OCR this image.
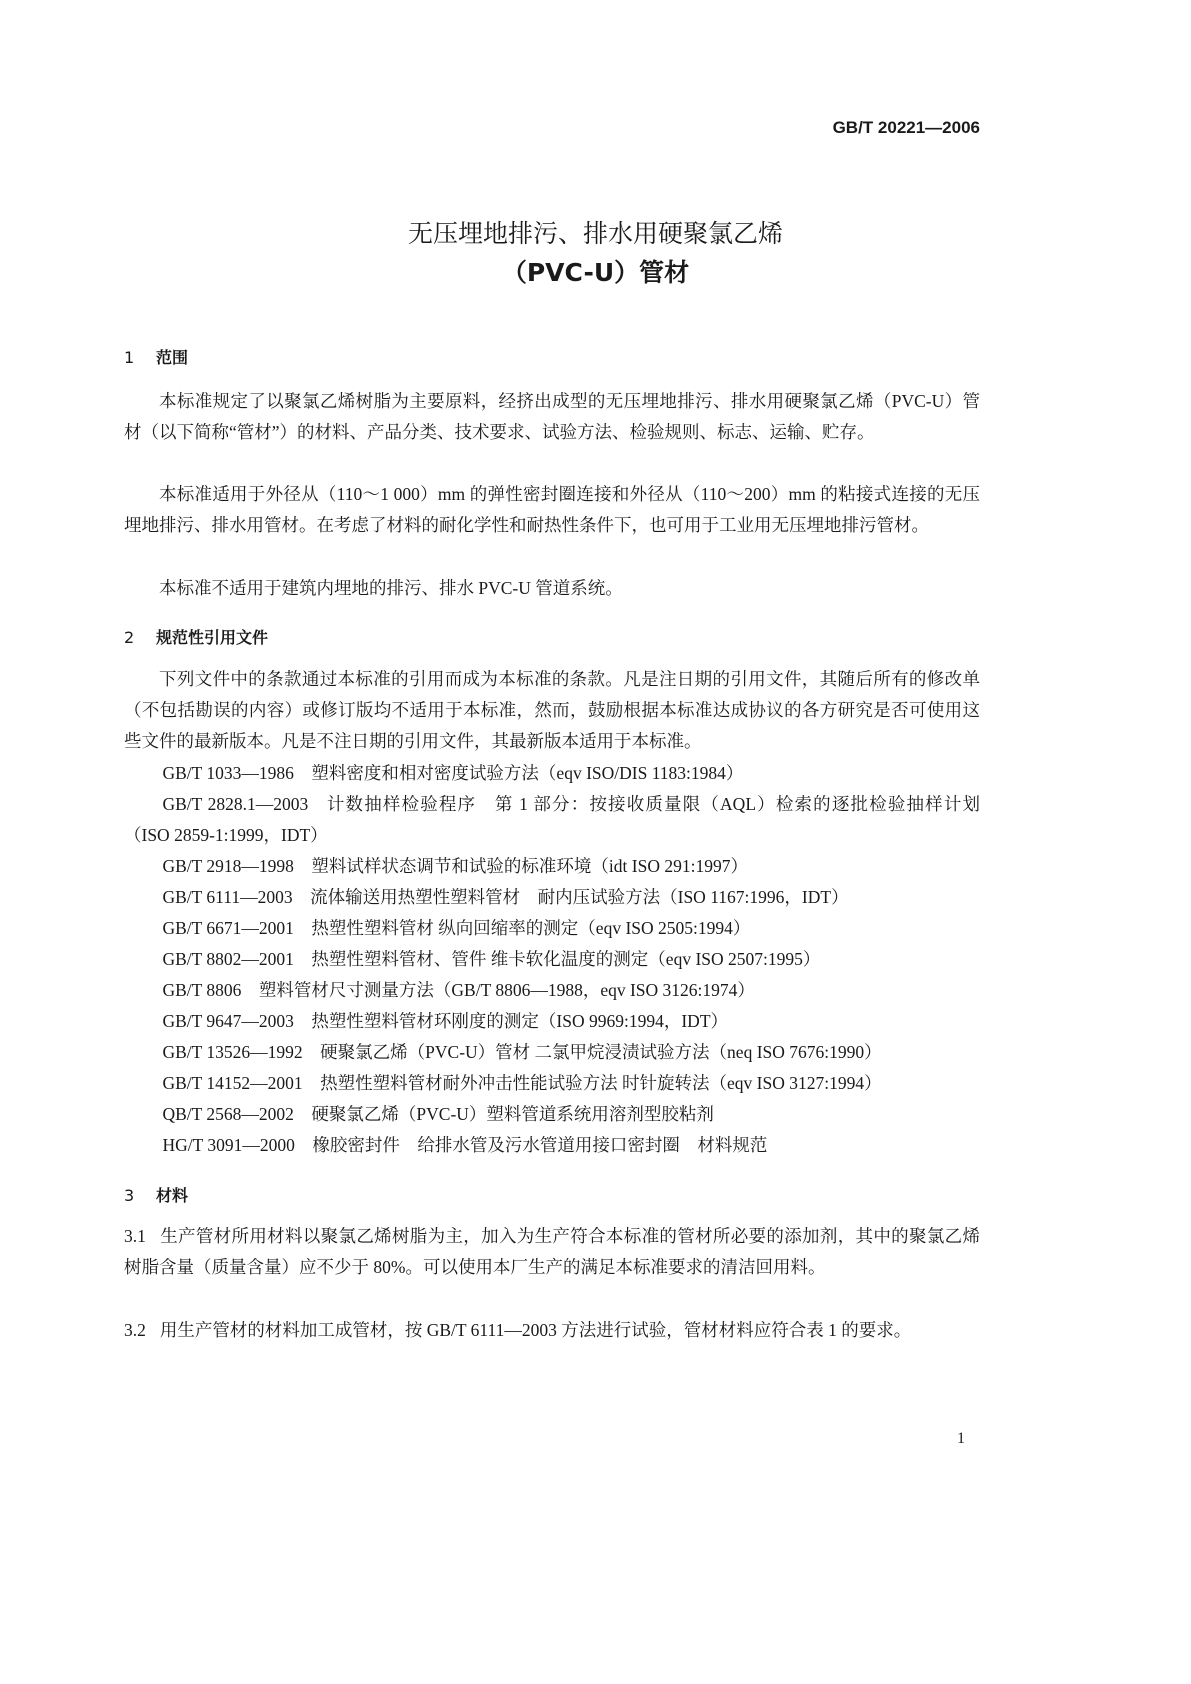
GB/T 20221—2006
无压埋地排污、排水用硬聚氯乙烯
（PVC-U）管材
1 范围
本标准规定了以聚氯乙烯树脂为主要原料，经挤出成型的无压埋地排污、排水用硬聚氯乙烯（PVC-U）管材（以下简称“管材”）的材料、产品分类、技术要求、试验方法、检验规则、标志、运输、贮存。
本标准适用于外径从（110～1 000）mm 的弹性密封圈连接和外径从（110～200）mm 的粘接式连接的无压埋地排污、排水用管材。在考虑了材料的耐化学性和耐热性条件下，也可用于工业用无压埋地排污管材。
本标准不适用于建筑内埋地的排污、排水 PVC-U 管道系统。
2 规范性引用文件
下列文件中的条款通过本标准的引用而成为本标准的条款。凡是注日期的引用文件，其随后所有的修改单（不包括勘误的内容）或修订版均不适用于本标准，然而，鼓励根据本标准达成协议的各方研究是否可使用这些文件的最新版本。凡是不注日期的引用文件，其最新版本适用于本标准。
GB/T 1033—1986 塑料密度和相对密度试验方法（eqv ISO/DIS 1183:1984）
GB/T 2828.1—2003 计数抽样检验程序　第 1 部分：按接收质量限（AQL）检索的逐批检验抽样计划（ISO 2859-1:1999，IDT）
GB/T 2918—1998 塑料试样状态调节和试验的标准环境（idt ISO 291:1997）
GB/T 6111—2003 流体输送用热塑性塑料管材　耐内压试验方法（ISO 1167:1996，IDT）
GB/T 6671—2001 热塑性塑料管材 纵向回缩率的测定（eqv ISO 2505:1994）
GB/T 8802—2001 热塑性塑料管材、管件 维卡软化温度的测定（eqv ISO 2507:1995）
GB/T 8806 塑料管材尺寸测量方法（GB/T 8806—1988，eqv ISO 3126:1974）
GB/T 9647—2003 热塑性塑料管材环刚度的测定（ISO 9969:1994，IDT）
GB/T 13526—1992 硬聚氯乙烯（PVC-U）管材 二氯甲烷浸渍试验方法（neq ISO 7676:1990）
GB/T 14152—2001 热塑性塑料管材耐外冲击性能试验方法 时针旋转法（eqv ISO 3127:1994）
QB/T 2568—2002 硬聚氯乙烯（PVC-U）塑料管道系统用溶剂型胶粘剂
HG/T 3091—2000 橡胶密封件　给排水管及污水管道用接口密封圈　材料规范
3 材料
3.1 生产管材所用材料以聚氯乙烯树脂为主，加入为生产符合本标准的管材所必要的添加剂，其中的聚氯乙烯树脂含量（质量含量）应不少于 80%。可以使用本厂生产的满足本标准要求的清洁回用料。
3.2 用生产管材的材料加工成管材，按 GB/T 6111—2003 方法进行试验，管材材料应符合表 1 的要求。
1
